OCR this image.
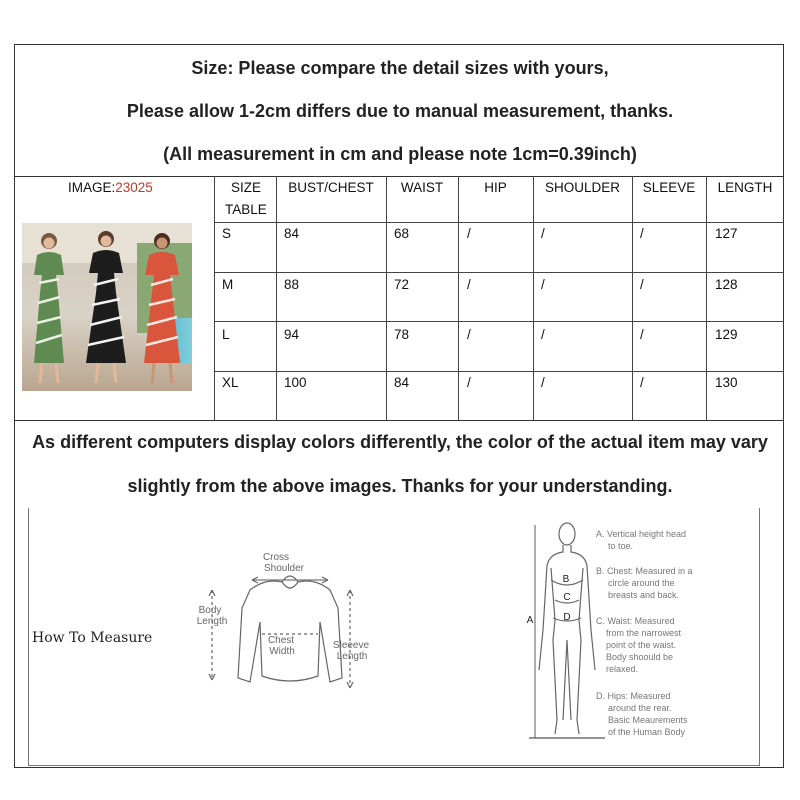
Size: Please compare the detail sizes with yours,
Please allow 1-2cm differs due to manual measurement, thanks.
(All measurement in cm and please note 1cm=0.39inch)
IMAGE:23025	SIZE
TABLE
BUST/CHEST	WAIST	HIP	SHOULDER	SLEEVE	LENGTH
S	84	68	/	/	/	127
M	88	72	/	/	/	128
L	94	78	/	/	/	129
XL	100	84	/	/	/	130
As different computers display colors differently, the color of the actual item may vary
slightly from the above images. Thanks for your understanding.
How To Measure
Cross
Shoulder
Body
Length
Chest
Width
Sleeeve
Length
B
C
A	D
A. Vertical height head
to toe.
B. Chest: Measured in a
circle around the
breasts and back.
C. Waist: Measured
from the narrowest
point of the waist.
Body shoould be
relaxed.
D. Hips: Measured
around the rear.
Basic Meaurements
of the Human Body
